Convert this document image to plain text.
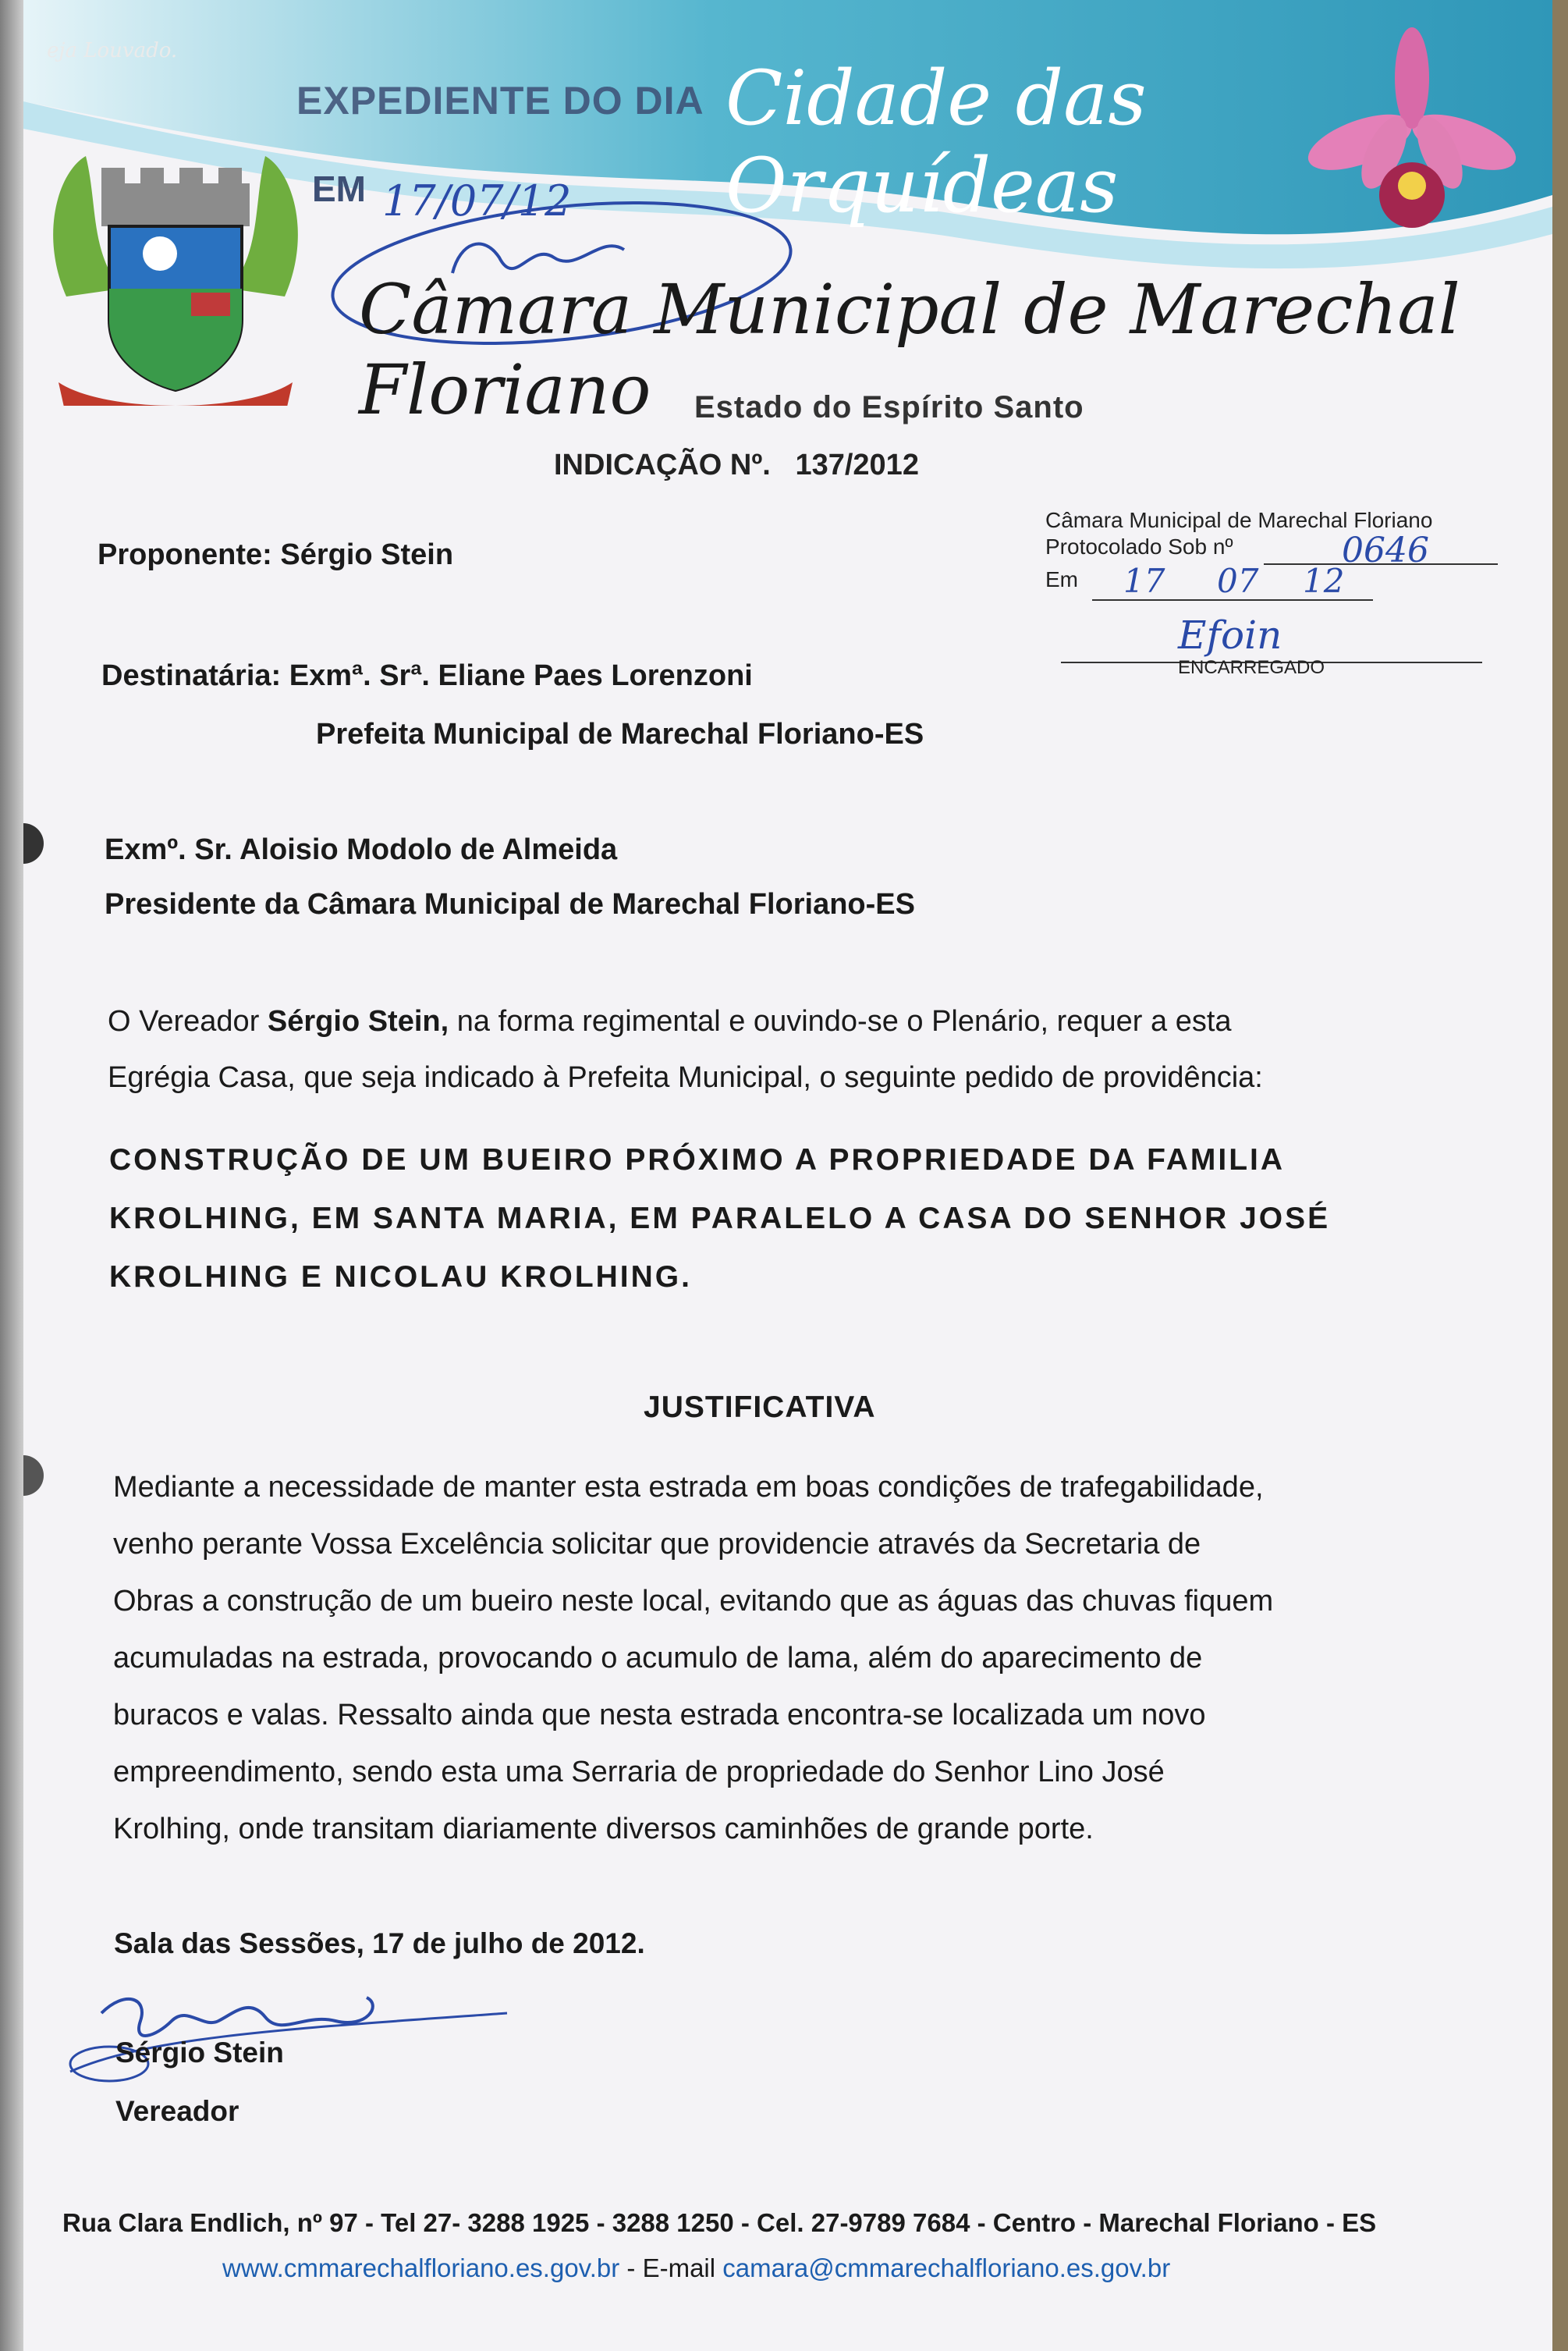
eja Louvado.

EXPEDIENTE DO DIA

EM 17/07/12

Cidade das Orquídeas

Câmara Municipal de Marechal Floriano	Estado do Espírito Santo

INDICAÇÃO Nº. 137/2012

Câmara Municipal de Marechal Floriano
Protocolado Sob nº
Em
0646
17 07 12
Efoin

ENCARREGADO

Proponente: Sérgio Stein

Destinatária: Exmª. Srª. Eliane Paes Lorenzoni

Prefeita Municipal de Marechal Floriano-ES

Exmº. Sr. Aloisio Modolo de Almeida

Presidente da Câmara Municipal de Marechal Floriano-ES

O Vereador Sérgio Stein, na forma regimental e ouvindo-se o Plenário, requer a esta

Egrégia Casa, que seja indicado à Prefeita Municipal, o seguinte pedido de providência:

CONSTRUÇÃO DE UM BUEIRO PRÓXIMO A PROPRIEDADE DA FAMILIA

KROLHING, EM SANTA MARIA, EM PARALELO A CASA DO SENHOR JOSÉ

KROLHING E NICOLAU KROLHING.

JUSTIFICATIVA

Mediante a necessidade de manter esta estrada em boas condições de trafegabilidade,

venho perante Vossa Excelência solicitar que providencie através da Secretaria de

Obras a construção de um bueiro neste local, evitando que as águas das chuvas fiquem

acumuladas na estrada, provocando o acumulo de lama, além do aparecimento de

buracos e valas. Ressalto ainda que nesta estrada encontra-se localizada um novo

empreendimento, sendo esta uma Serraria de propriedade do Senhor Lino José

Krolhing, onde transitam diariamente diversos caminhões de grande porte.

Sala das Sessões, 17 de julho de 2012.

Sérgio Stein

Vereador

Rua Clara Endlich, nº 97 - Tel 27- 3288 1925 - 3288 1250 - Cel. 27-9789 7684 - Centro - Marechal Floriano - ES

www.cmmarechalfloriano.es.gov.br - E-mail camara@cmmarechalfloriano.es.gov.br
